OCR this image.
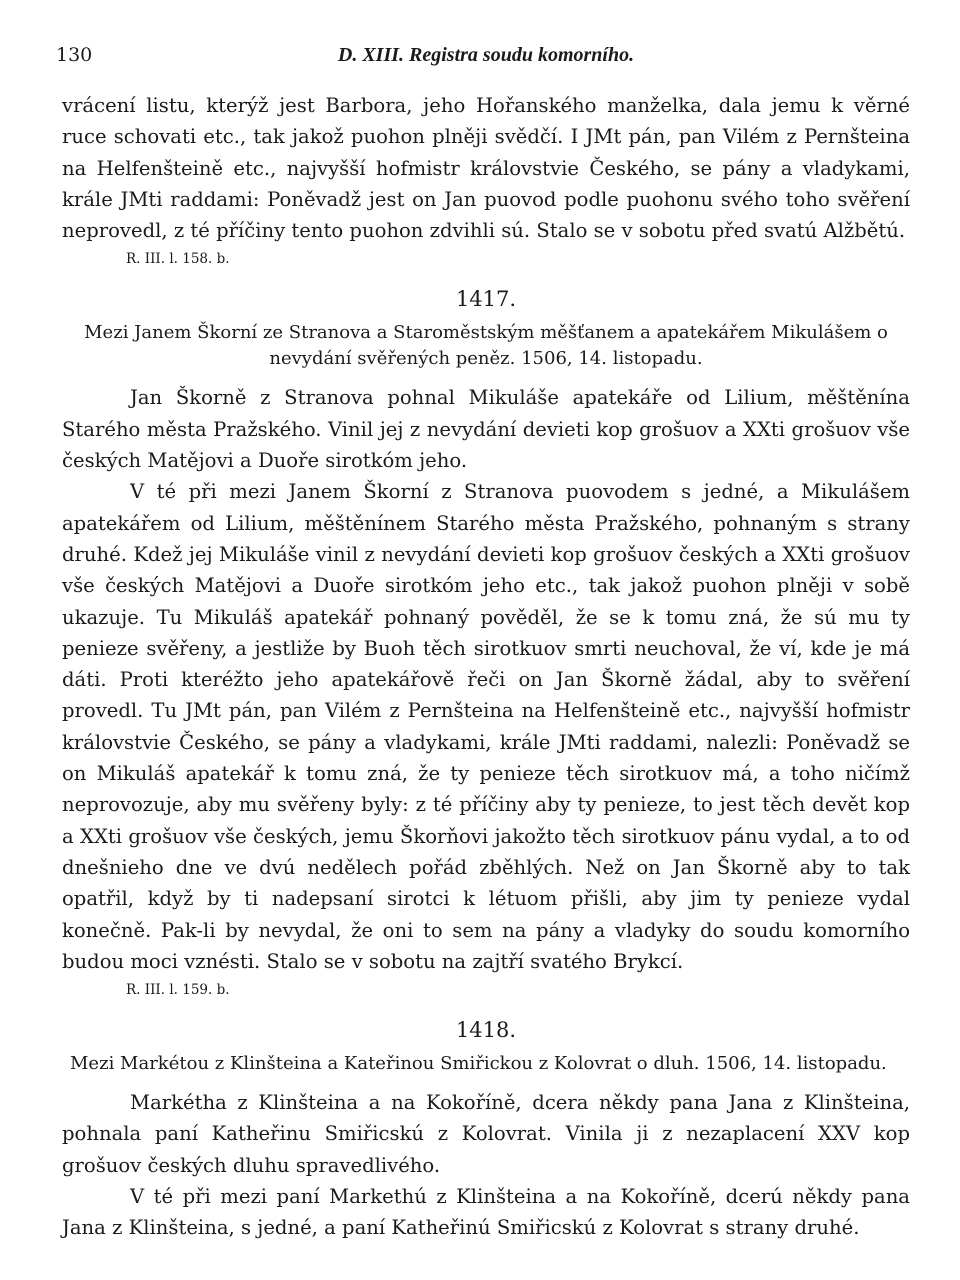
130	D. XIII. Registra soudu komorního.

vrácení listu, kterýž jest Barbora, jeho Hořanského manželka, dala jemu k věrné ruce schovati etc., tak jakož puohon plněji svědčí. I JMt pán, pan Vilém z Pernšteina na Helfenšteině etc., najvyšší hofmistr královstvie Českého, se pány a vladykami, krále JMti raddami: Poněvadž jest on Jan puovod podle puohonu svého toho svěření neprovedl, z té příčiny tento puohon zdvihli sú. Stalo se v sobotu před svatú Alžbětú.

R. III. l. 158. b.
1417.
Mezi Janem Škorní ze Stranova a Staroměstským měšťanem a apatekářem Mikulášem o nevydání svěřených peněz. 1506, 14. listopadu.

Jan Škorně z Stranova pohnal Mikuláše apatekáře od Lilium, měštěnína Starého města Pražského. Vinil jej z nevydání devieti kop grošuov a XXti grošuov vše českých Matějovi a Duoře sirotkóm jeho.

V té při mezi Janem Škorní z Stranova puovodem s jedné, a Mikulášem apatekářem od Lilium, měštěnínem Starého města Pražského, pohnaným s strany druhé. Kdež jej Mikuláše vinil z nevydání devieti kop grošuov českých a XXti grošuov vše českých Matějovi a Duoře sirotkóm jeho etc., tak jakož puohon plněji v sobě ukazuje. Tu Mikuláš apatekář pohnaný pověděl, že se k tomu zná, že sú mu ty penieze svěřeny, a jestliže by Buoh těch sirotkuov smrti neuchoval, že ví, kde je má dáti. Proti kteréžto jeho apatekářově řeči on Jan Škorně žádal, aby to svěření provedl. Tu JMt pán, pan Vilém z Pernšteina na Helfenšteině etc., najvyšší hofmistr královstvie Českého, se pány a vladykami, krále JMti raddami, nalezli: Poněvadž se on Mikuláš apatekář k tomu zná, že ty penieze těch sirotkuov má, a toho ničímž neprovozuje, aby mu svěřeny byly: z té příčiny aby ty penieze, to jest těch devět kop a XXti grošuov vše českých, jemu Škorňovi jakožto těch sirotkuov pánu vydal, a to od dnešnieho dne ve dvú nedělech pořád zběhlých. Než on Jan Škorně aby to tak opatřil, když by ti nadepsaní sirotci k létuom přišli, aby jim ty penieze vydal konečně. Pak-li by nevydal, že oni to sem na pány a vladyky do soudu komorního budou moci vznésti. Stalo se v sobotu na zajtří svatého Brykcí.

R. III. l. 159. b.
1418.
Mezi Markétou z Klinšteina a Kateřinou Smiřickou z Kolovrat o dluh. 1506, 14. listopadu.

Markétha z Klinšteina a na Kokoříně, dcera někdy pana Jana z Klinšteina, pohnala paní Katheřinu Smiřicskú z Kolovrat. Vinila ji z nezaplacení XXV kop grošuov českých dluhu spravedlivého.

V té při mezi paní Markethú z Klinšteina a na Kokoříně, dcerú někdy pana Jana z Klinšteina, s jedné, a paní Katheřinú Smiřicskú z Kolovrat s strany druhé.
